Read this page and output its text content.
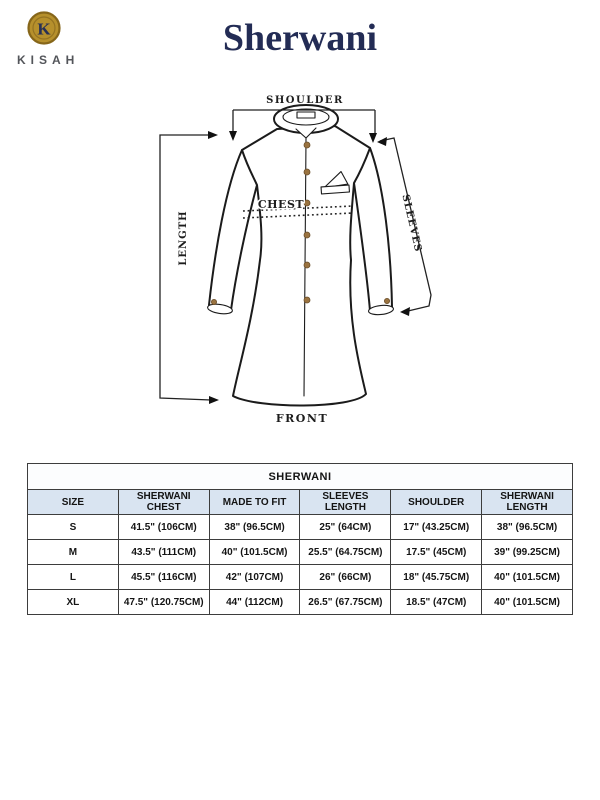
K
KISAH
Sherwani
SHOULDER
LENGTH	SLEEVES
FRONT
CHEST
SHERWANI					
SIZE	SHERWANI CHEST	MADE TO FIT	SLEEVES LENGTH	SHOULDER	SHERWANI LENGTH
S	41.5" (106CM)	38" (96.5CM)	25" (64CM)	17" (43.25CM)	38" (96.5CM)
M	43.5" (111CM)	40" (101.5CM)	25.5" (64.75CM)	17.5" (45CM)	39" (99.25CM)
L	45.5" (116CM)	42" (107CM)	26" (66CM)	18" (45.75CM)	40" (101.5CM)
XL	47.5" (120.75CM)	44" (112CM)	26.5" (67.75CM)	18.5" (47CM)	40" (101.5CM)
